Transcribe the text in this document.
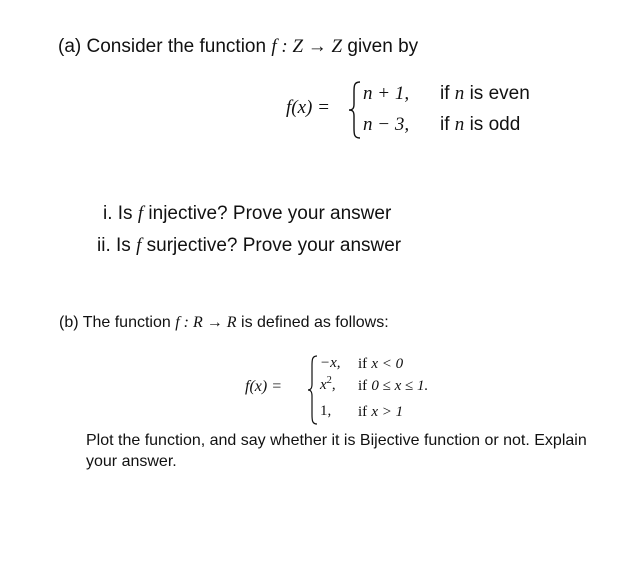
(a) Consider the function f : Z → Z given by
f(x) =
n + 1,
n − 3,
if n is even
if n is odd
i. Is f injective? Prove your answer
ii. Is f surjective? Prove your answer
(b) The function f : R → R is defined as follows:
f(x) =
−x,
$x^2$,
1,
if x < 0
if 0 ≤ x ≤ 1.
if x > 1
Plot the function, and say whether it is Bijective function or not. Explain your answer.
